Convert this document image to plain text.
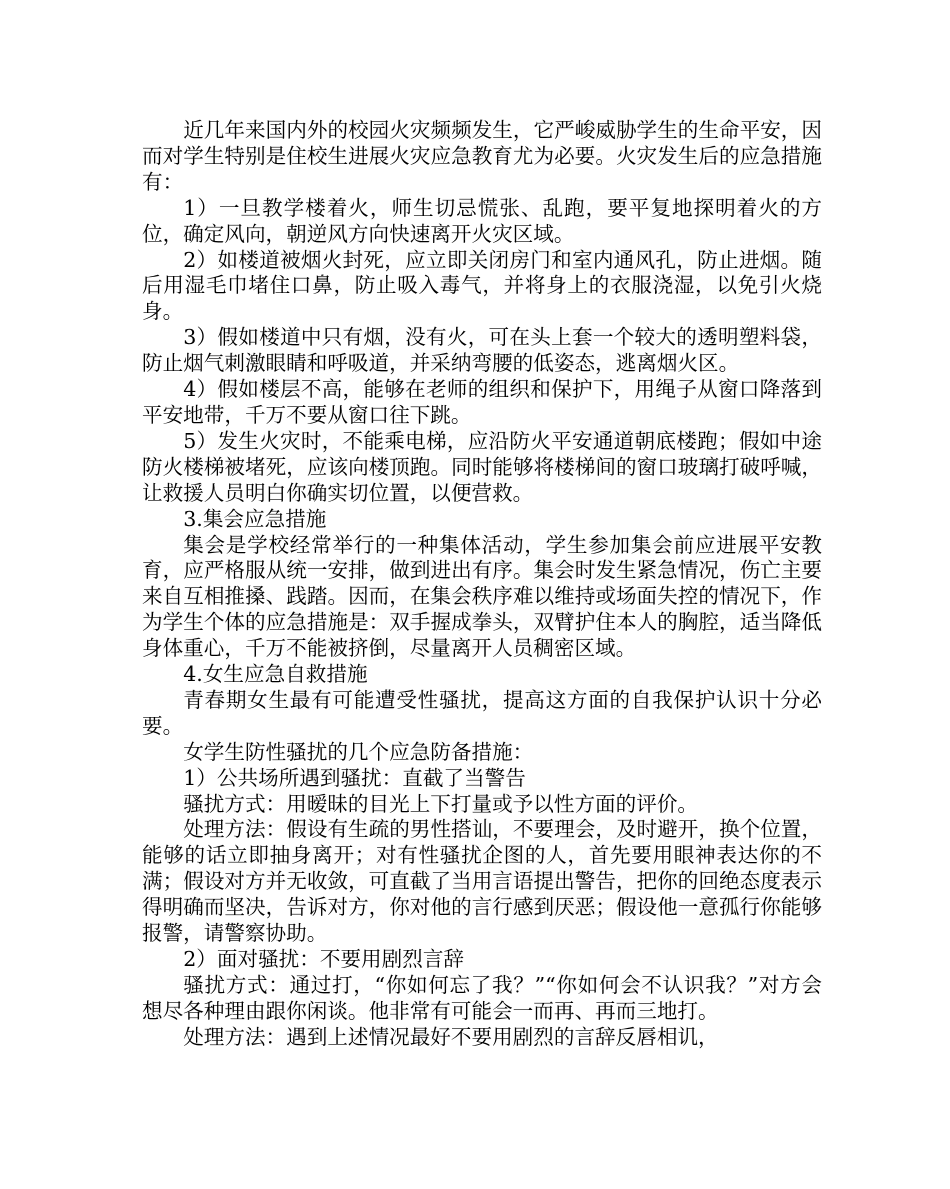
近几年来国内外的校园火灾频频发生，它严峻威胁学生的生命平安，因而对学生特别是住校生进展火灾应急教育尤为必要。火灾发生后的应急措施有：

1）一旦教学楼着火，师生切忌慌张、乱跑，要平复地探明着火的方位，确定风向，朝逆风方向快速离开火灾区域。

2）如楼道被烟火封死，应立即关闭房门和室内通风孔，防止进烟。随后用湿毛巾堵住口鼻，防止吸入毒气，并将身上的衣服浇湿，以免引火烧身。

3）假如楼道中只有烟，没有火，可在头上套一个较大的透明塑料袋，防止烟气刺激眼睛和呼吸道，并采纳弯腰的低姿态，逃离烟火区。

4）假如楼层不高，能够在老师的组织和保护下，用绳子从窗口降落到平安地带，千万不要从窗口往下跳。

5）发生火灾时，不能乘电梯，应沿防火平安通道朝底楼跑；假如中途防火楼梯被堵死，应该向楼顶跑。同时能够将楼梯间的窗口玻璃打破呼喊，让救援人员明白你确实切位置，以便营救。

3.集会应急措施

集会是学校经常举行的一种集体活动，学生参加集会前应进展平安教育，应严格服从统一安排，做到进出有序。集会时发生紧急情况，伤亡主要来自互相推搡、践踏。因而，在集会秩序难以维持或场面失控的情况下，作为学生个体的应急措施是：双手握成拳头，双臂护住本人的胸腔，适当降低身体重心，千万不能被挤倒，尽量离开人员稠密区域。

4.女生应急自救措施

青春期女生最有可能遭受性骚扰，提高这方面的自我保护认识十分必要。

女学生防性骚扰的几个应急防备措施：

1）公共场所遇到骚扰：直截了当警告

骚扰方式：用暧昧的目光上下打量或予以性方面的评价。

处理方法：假设有生疏的男性搭讪，不要理会，及时避开，换个位置，能够的话立即抽身离开；对有性骚扰企图的人，首先要用眼神表达你的不满；假设对方并无收敛，可直截了当用言语提出警告，把你的回绝态度表示得明确而坚决，告诉对方，你对他的言行感到厌恶；假设他一意孤行你能够报警，请警察协助。

2）面对骚扰：不要用剧烈言辞

骚扰方式：通过打，“你如何忘了我？”“你如何会不认识我？”对方会想尽各种理由跟你闲谈。他非常有可能会一而再、再而三地打。

处理方法：遇到上述情况最好不要用剧烈的言辞反唇相讥，
